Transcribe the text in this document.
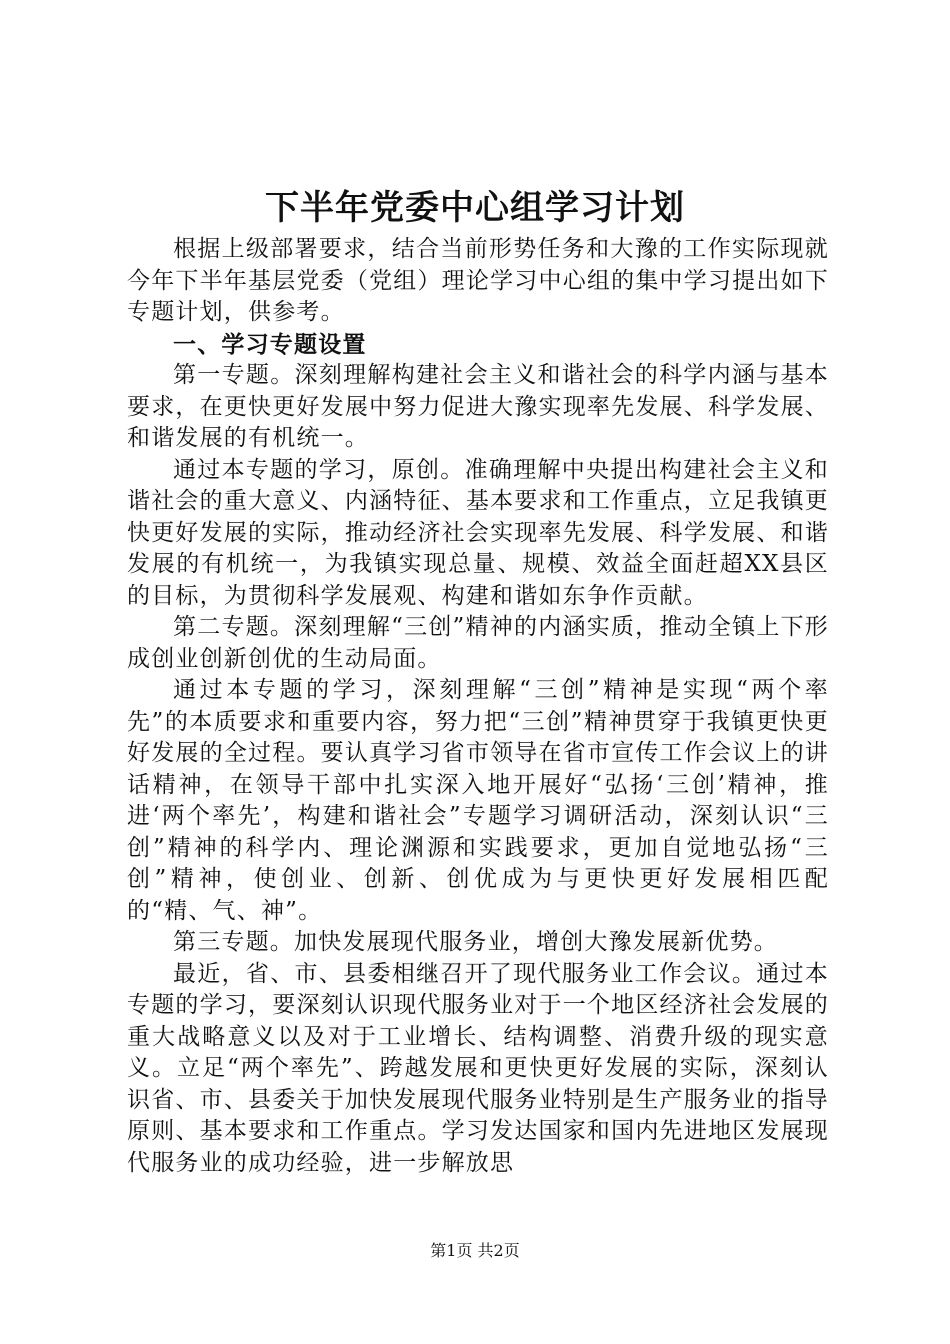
下半年党委中心组学习计划

根据上级部署要求，结合当前形势任务和大豫的工作实际现就今年下半年基层党委（党组）理论学习中心组的集中学习提出如下专题计划，供参考。

一、学习专题设置

第一专题。深刻理解构建社会主义和谐社会的科学内涵与基本要求，在更快更好发展中努力促进大豫实现率先发展、科学发展、和谐发展的有机统一。

通过本专题的学习，原创。准确理解中央提出构建社会主义和谐社会的重大意义、内涵特征、基本要求和工作重点，立足我镇更快更好发展的实际，推动经济社会实现率先发展、科学发展、和谐发展的有机统一，为我镇实现总量、规模、效益全面赶超XX县区的目标，为贯彻科学发展观、构建和谐如东争作贡献。

第二专题。深刻理解“三创”精神的内涵实质，推动全镇上下形成创业创新创优的生动局面。

通过本专题的学习，深刻理解“三创”精神是实现“两个率先”的本质要求和重要内容，努力把“三创”精神贯穿于我镇更快更好发展的全过程。要认真学习省市领导在省市宣传工作会议上的讲话精神，在领导干部中扎实深入地开展好“弘扬‘三创’精神，推进‘两个率先’，构建和谐社会”专题学习调研活动，深刻认识“三创”精神的科学内、理论渊源和实践要求，更加自觉地弘扬“三创”精神，使创业、创新、创优成为与更快更好发展相匹配的“精、气、神”。

第三专题。加快发展现代服务业，增创大豫发展新优势。

最近，省、市、县委相继召开了现代服务业工作会议。通过本专题的学习，要深刻认识现代服务业对于一个地区经济社会发展的重大战略意义以及对于工业增长、结构调整、消费升级的现实意义。立足“两个率先”、跨越发展和更快更好发展的实际，深刻认识省、市、县委关于加快发展现代服务业特别是生产服务业的指导原则、基本要求和工作重点。学习发达国家和国内先进地区发展现代服务业的成功经验，进一步解放思

第1页 共2页
